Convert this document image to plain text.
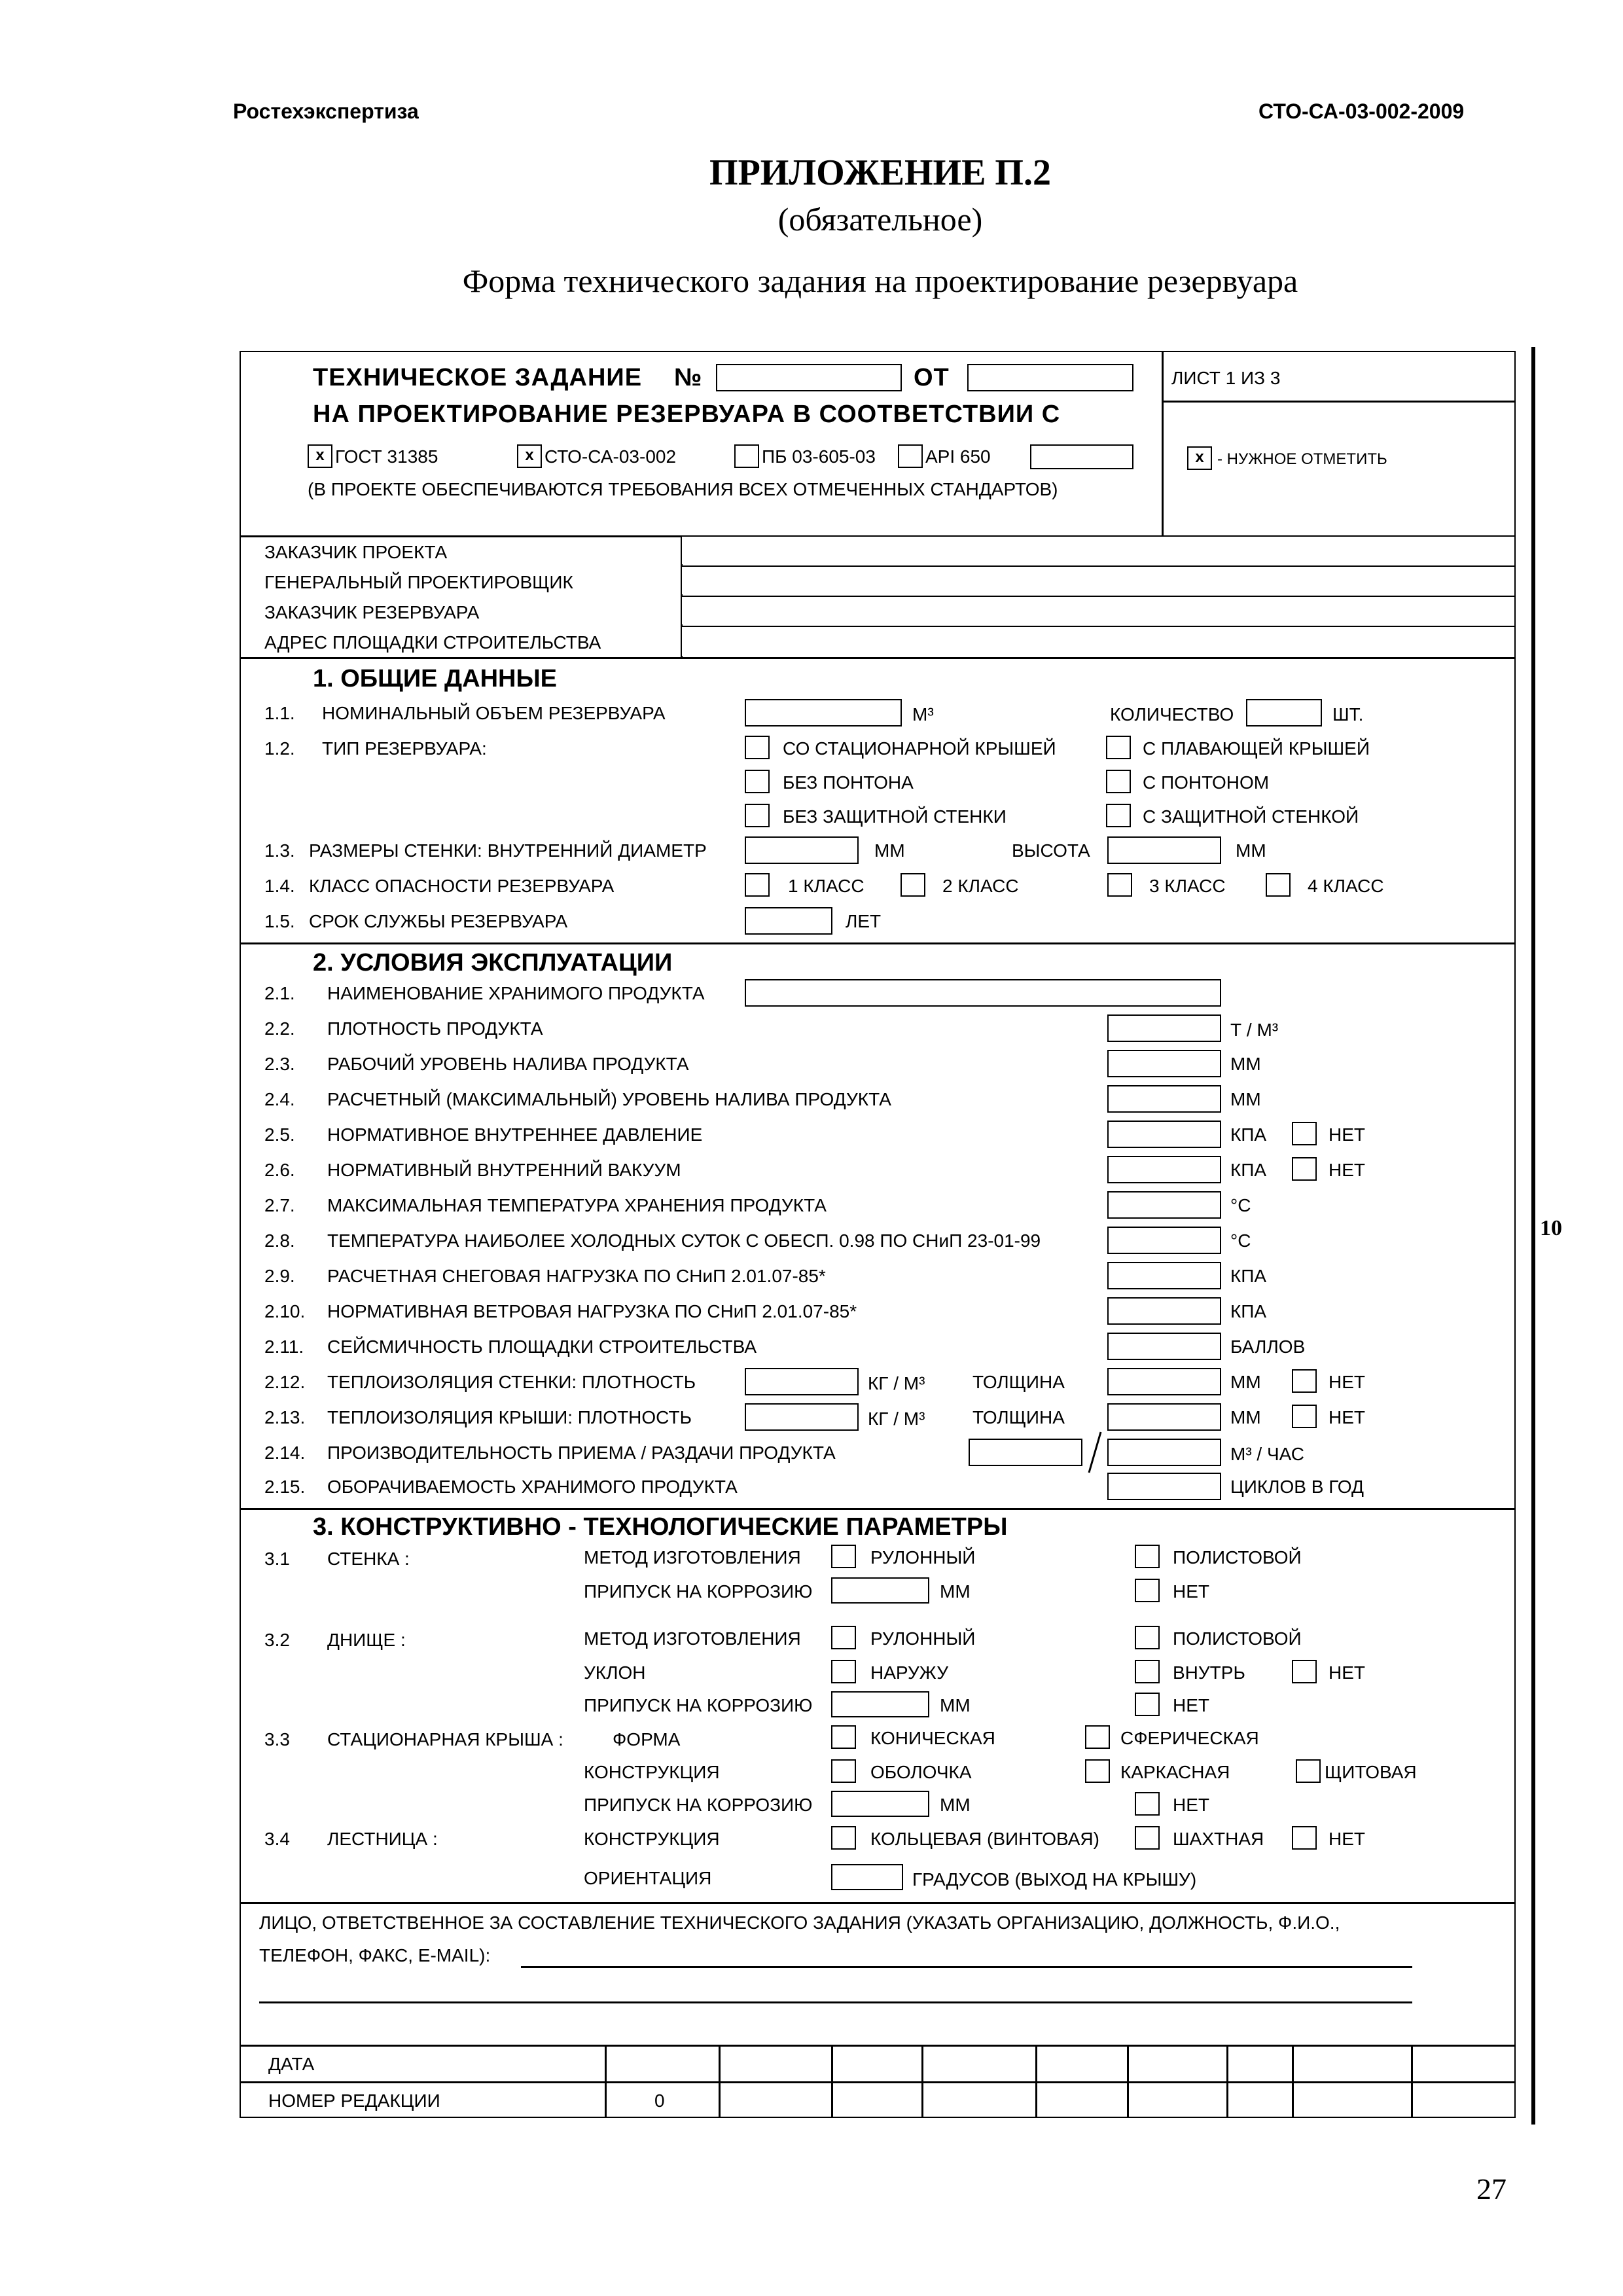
Ростехэкспертиза	СТО-СА-03-002-2009
ПРИЛОЖЕНИЕ П.2
(обязательное)
Форма технического задания на проектирование резервуара
10
ТЕХНИЧЕСКОЕ ЗАДАНИЕ №	ОТ	ЛИСТ 1 ИЗ 3
НА ПРОЕКТИРОВАНИЕ РЕЗЕРВУАРА В СООТВЕТСТВИИ С
x ГОСТ 31385	x СТО-СА-03-002	ПБ 03-605-03	API 650	x - НУЖНОЕ ОТМЕТИТЬ
(В ПРОЕКТЕ ОБЕСПЕЧИВАЮТСЯ ТРЕБОВАНИЯ ВСЕХ ОТМЕЧЕННЫХ СТАНДАРТОВ)
ЗАКАЗЧИК ПРОЕКТА
ГЕНЕРАЛЬНЫЙ ПРОЕКТИРОВЩИК
ЗАКАЗЧИК РЕЗЕРВУАРА
АДРЕС ПЛОЩАДКИ СТРОИТЕЛЬСТВА
1. ОБЩИЕ ДАННЫЕ
1.1. НОМИНАЛЬНЫЙ ОБЪЕМ РЕЗЕРВУАРА	М³	КОЛИЧЕСТВО	ШТ.
1.2. ТИП РЕЗЕРВУАРА:	СО СТАЦИОНАРНОЙ КРЫШЕЙ	С ПЛАВАЮЩЕЙ КРЫШЕЙ
БЕЗ ПОНТОНА	С ПОНТОНОМ
БЕЗ ЗАЩИТНОЙ СТЕНКИ	С ЗАЩИТНОЙ СТЕНКОЙ
1.3. РАЗМЕРЫ СТЕНКИ: ВНУТРЕННИЙ ДИАМЕТР	ММ	ВЫСОТА	ММ
1.4. КЛАСС ОПАСНОСТИ РЕЗЕРВУАРА	1 КЛАСС	2 КЛАСС	3 КЛАСС	4 КЛАСС
1.5. СРОК СЛУЖБЫ РЕЗЕРВУАРА	ЛЕТ
2. УСЛОВИЯ ЭКСПЛУАТАЦИИ
2.1. НАИМЕНОВАНИЕ ХРАНИМОГО ПРОДУКТА
2.2. ПЛОТНОСТЬ ПРОДУКТА	Т / М³
2.3. РАБОЧИЙ УРОВЕНЬ НАЛИВА ПРОДУКТА	ММ
2.4. РАСЧЕТНЫЙ (МАКСИМАЛЬНЫЙ) УРОВЕНЬ НАЛИВА ПРОДУКТА	ММ
2.5. НОРМАТИВНОЕ ВНУТРЕННЕЕ ДАВЛЕНИЕ	КПА	НЕТ
2.6. НОРМАТИВНЫЙ ВНУТРЕННИЙ ВАКУУМ	КПА	НЕТ
2.7. МАКСИМАЛЬНАЯ ТЕМПЕРАТУРА ХРАНЕНИЯ ПРОДУКТА	°С
2.8. ТЕМПЕРАТУРА НАИБОЛЕЕ ХОЛОДНЫХ СУТОК С ОБЕСП. 0.98 ПО СНиП 23-01-99	°С
2.9. РАСЧЕТНАЯ СНЕГОВАЯ НАГРУЗКА ПО СНиП 2.01.07-85*	КПА
2.10. НОРМАТИВНАЯ ВЕТРОВАЯ НАГРУЗКА ПО СНиП 2.01.07-85*	КПА
2.11. СЕЙСМИЧНОСТЬ ПЛОЩАДКИ СТРОИТЕЛЬСТВА	БАЛЛОВ
2.12. ТЕПЛОИЗОЛЯЦИЯ СТЕНКИ: ПЛОТНОСТЬ	КГ / М³	ТОЛЩИНА	ММ	НЕТ
2.13. ТЕПЛОИЗОЛЯЦИЯ КРЫШИ: ПЛОТНОСТЬ	КГ / М³	ТОЛЩИНА	ММ	НЕТ
2.14. ПРОИЗВОДИТЕЛЬНОСТЬ ПРИЕМА / РАЗДАЧИ ПРОДУКТА	М³ / ЧАС
2.15. ОБОРАЧИВАЕМОСТЬ ХРАНИМОГО ПРОДУКТА	ЦИКЛОВ В ГОД
3. КОНСТРУКТИВНО - ТЕХНОЛОГИЧЕСКИЕ ПАРАМЕТРЫ
3.1 СТЕНКА :	МЕТОД ИЗГОТОВЛЕНИЯ	РУЛОННЫЙ	ПОЛИСТОВОЙ
ПРИПУСК НА КОРРОЗИЮ	ММ	НЕТ
3.2 ДНИЩЕ :	МЕТОД ИЗГОТОВЛЕНИЯ	РУЛОННЫЙ	ПОЛИСТОВОЙ
УКЛОН	НАРУЖУ	ВНУТРЬ	НЕТ
ПРИПУСК НА КОРРОЗИЮ	ММ	НЕТ
3.3 СТАЦИОНАРНАЯ КРЫША :	ФОРМА	КОНИЧЕСКАЯ	СФЕРИЧЕСКАЯ
КОНСТРУКЦИЯ	ОБОЛОЧКА	КАРКАСНАЯ	ЩИТОВАЯ
ПРИПУСК НА КОРРОЗИЮ	ММ	НЕТ
3.4 ЛЕСТНИЦА :	КОНСТРУКЦИЯ	КОЛЬЦЕВАЯ (ВИНТОВАЯ)	ШАХТНАЯ	НЕТ
ОРИЕНТАЦИЯ	ГРАДУСОВ (ВЫХОД НА КРЫШУ)
ЛИЦО, ОТВЕТСТВЕННОЕ ЗА СОСТАВЛЕНИЕ ТЕХНИЧЕСКОГО ЗАДАНИЯ (УКАЗАТЬ ОРГАНИЗАЦИЮ, ДОЛЖНОСТЬ, Ф.И.О.,
ТЕЛЕФОН, ФАКС, E-MAIL):
ДАТА
НОМЕР РЕДАКЦИИ	0
27
